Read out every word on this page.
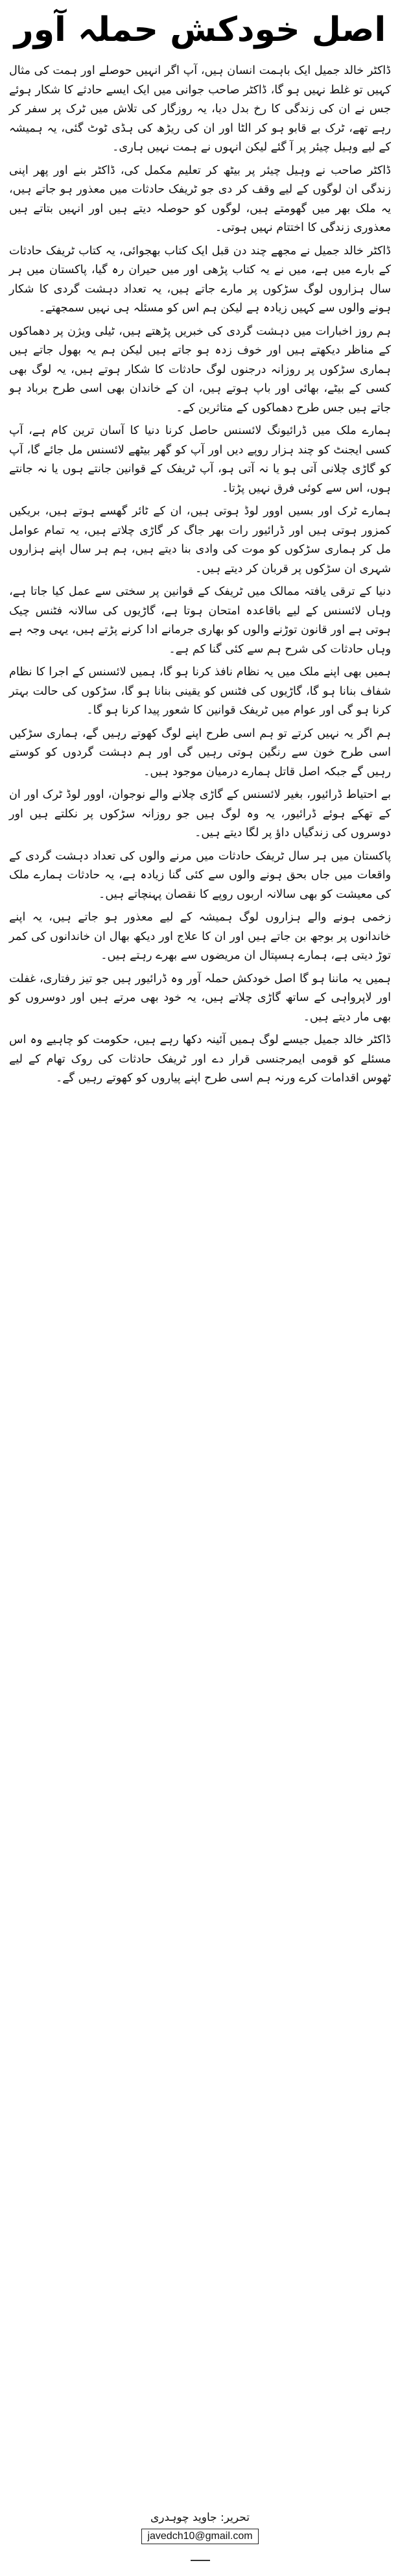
اصل خودکش حملہ آور

ڈاکٹر خالد جمیل ایک باہمت انسان ہیں، آپ اگر انہیں حوصلے اور ہمت کی مثال کہیں تو غلط نہیں ہو گا، ڈاکٹر صاحب جوانی میں ایک ایسے حادثے کا شکار ہوئے جس نے ان کی زندگی کا رخ بدل دیا، یہ روزگار کی تلاش میں ٹرک پر سفر کر رہے تھے، ٹرک بے قابو ہو کر الٹا اور ان کی ریڑھ کی ہڈی ٹوٹ گئی، یہ ہمیشہ کے لیے وہیل چیئر پر آ گئے لیکن انہوں نے ہمت نہیں ہاری۔

ڈاکٹر صاحب نے وہیل چیئر پر بیٹھ کر تعلیم مکمل کی، ڈاکٹر بنے اور پھر اپنی زندگی ان لوگوں کے لیے وقف کر دی جو ٹریفک حادثات میں معذور ہو جاتے ہیں، یہ ملک بھر میں گھومتے ہیں، لوگوں کو حوصلہ دیتے ہیں اور انہیں بتاتے ہیں معذوری زندگی کا اختتام نہیں ہوتی۔

ڈاکٹر خالد جمیل نے مجھے چند دن قبل ایک کتاب بھجوائی، یہ کتاب ٹریفک حادثات کے بارے میں ہے، میں نے یہ کتاب پڑھی اور میں حیران رہ گیا، پاکستان میں ہر سال ہزاروں لوگ سڑکوں پر مارے جاتے ہیں، یہ تعداد دہشت گردی کا شکار ہونے والوں سے کہیں زیادہ ہے لیکن ہم اس کو مسئلہ ہی نہیں سمجھتے۔

ہم روز اخبارات میں دہشت گردی کی خبریں پڑھتے ہیں، ٹیلی ویژن پر دھماکوں کے مناظر دیکھتے ہیں اور خوف زدہ ہو جاتے ہیں لیکن ہم یہ بھول جاتے ہیں ہماری سڑکوں پر روزانہ درجنوں لوگ حادثات کا شکار ہوتے ہیں، یہ لوگ بھی کسی کے بیٹے، بھائی اور باپ ہوتے ہیں، ان کے خاندان بھی اسی طرح برباد ہو جاتے ہیں جس طرح دھماکوں کے متاثرین کے۔

ہمارے ملک میں ڈرائیونگ لائسنس حاصل کرنا دنیا کا آسان ترین کام ہے، آپ کسی ایجنٹ کو چند ہزار روپے دیں اور آپ کو گھر بیٹھے لائسنس مل جائے گا، آپ کو گاڑی چلانی آتی ہو یا نہ آتی ہو، آپ ٹریفک کے قوانین جانتے ہوں یا نہ جانتے ہوں، اس سے کوئی فرق نہیں پڑتا۔

ہمارے ٹرک اور بسیں اوور لوڈ ہوتی ہیں، ان کے ٹائر گھسے ہوتے ہیں، بریکیں کمزور ہوتی ہیں اور ڈرائیور رات بھر جاگ کر گاڑی چلاتے ہیں، یہ تمام عوامل مل کر ہماری سڑکوں کو موت کی وادی بنا دیتے ہیں، ہم ہر سال اپنے ہزاروں شہری ان سڑکوں پر قربان کر دیتے ہیں۔

دنیا کے ترقی یافتہ ممالک میں ٹریفک کے قوانین پر سختی سے عمل کیا جاتا ہے، وہاں لائسنس کے لیے باقاعدہ امتحان ہوتا ہے، گاڑیوں کی سالانہ فٹنس چیک ہوتی ہے اور قانون توڑنے والوں کو بھاری جرمانے ادا کرنے پڑتے ہیں، یہی وجہ ہے وہاں حادثات کی شرح ہم سے کئی گنا کم ہے۔

ہمیں بھی اپنے ملک میں یہ نظام نافذ کرنا ہو گا، ہمیں لائسنس کے اجرا کا نظام شفاف بنانا ہو گا، گاڑیوں کی فٹنس کو یقینی بنانا ہو گا، سڑکوں کی حالت بہتر کرنا ہو گی اور عوام میں ٹریفک قوانین کا شعور پیدا کرنا ہو گا۔

ہم اگر یہ نہیں کرتے تو ہم اسی طرح اپنے لوگ کھوتے رہیں گے، ہماری سڑکیں اسی طرح خون سے رنگین ہوتی رہیں گی اور ہم دہشت گردوں کو کوستے رہیں گے جبکہ اصل قاتل ہمارے درمیان موجود ہیں۔

بے احتیاط ڈرائیور، بغیر لائسنس کے گاڑی چلانے والے نوجوان، اوور لوڈ ٹرک اور ان کے تھکے ہوئے ڈرائیور، یہ وہ لوگ ہیں جو روزانہ سڑکوں پر نکلتے ہیں اور دوسروں کی زندگیاں داؤ پر لگا دیتے ہیں۔

پاکستان میں ہر سال ٹریفک حادثات میں مرنے والوں کی تعداد دہشت گردی کے واقعات میں جاں بحق ہونے والوں سے کئی گنا زیادہ ہے، یہ حادثات ہمارے ملک کی معیشت کو بھی سالانہ اربوں روپے کا نقصان پہنچاتے ہیں۔

زخمی ہونے والے ہزاروں لوگ ہمیشہ کے لیے معذور ہو جاتے ہیں، یہ اپنے خاندانوں پر بوجھ بن جاتے ہیں اور ان کا علاج اور دیکھ بھال ان خاندانوں کی کمر توڑ دیتی ہے، ہمارے ہسپتال ان مریضوں سے بھرے رہتے ہیں۔

ہمیں یہ ماننا ہو گا اصل خودکش حملہ آور وہ ڈرائیور ہیں جو تیز رفتاری، غفلت اور لاپرواہی کے ساتھ گاڑی چلاتے ہیں، یہ خود بھی مرتے ہیں اور دوسروں کو بھی مار دیتے ہیں۔

ڈاکٹر خالد جمیل جیسے لوگ ہمیں آئینہ دکھا رہے ہیں، حکومت کو چاہیے وہ اس مسئلے کو قومی ایمرجنسی قرار دے اور ٹریفک حادثات کی روک تھام کے لیے ٹھوس اقدامات کرے ورنہ ہم اسی طرح اپنے پیاروں کو کھوتے رہیں گے۔

تحریر: جاوید چوہدری
javedch10@gmail.com
